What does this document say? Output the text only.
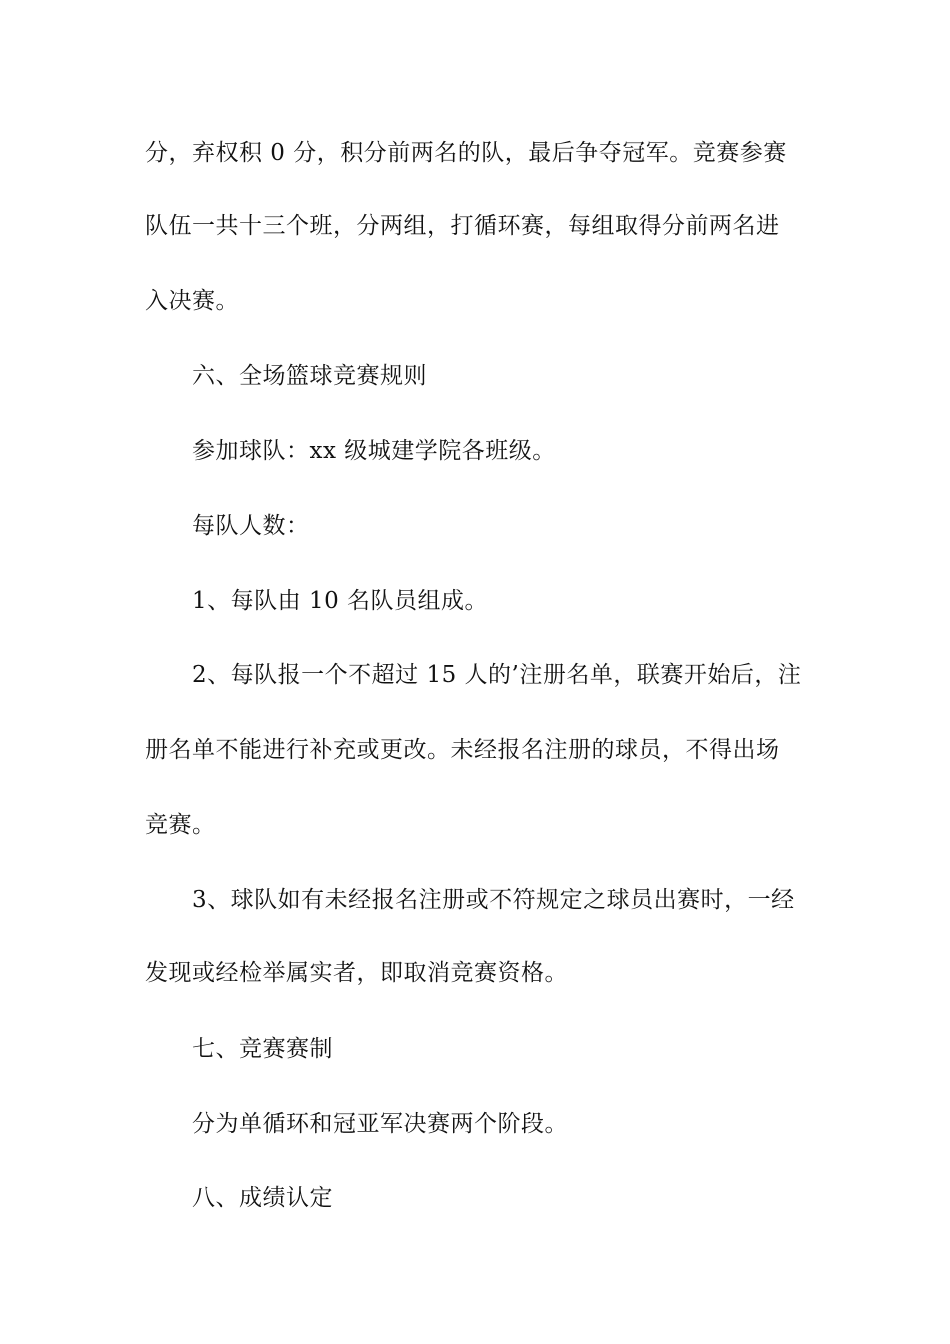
分，弃权积 0 分，积分前两名的队，最后争夺冠军。竞赛参赛
队伍一共十三个班，分两组，打循环赛，每组取得分前两名进
入决赛。
六、全场篮球竞赛规则
参加球队：xx 级城建学院各班级。
每队人数：
1、每队由 10 名队员组成。
2、每队报一个不超过 15 人的’注册名单，联赛开始后，注
册名单不能进行补充或更改。未经报名注册的球员，不得出场
竞赛。
3、球队如有未经报名注册或不符规定之球员出赛时，一经
发现或经检举属实者，即取消竞赛资格。
七、竞赛赛制
分为单循环和冠亚军决赛两个阶段。
八、成绩认定
